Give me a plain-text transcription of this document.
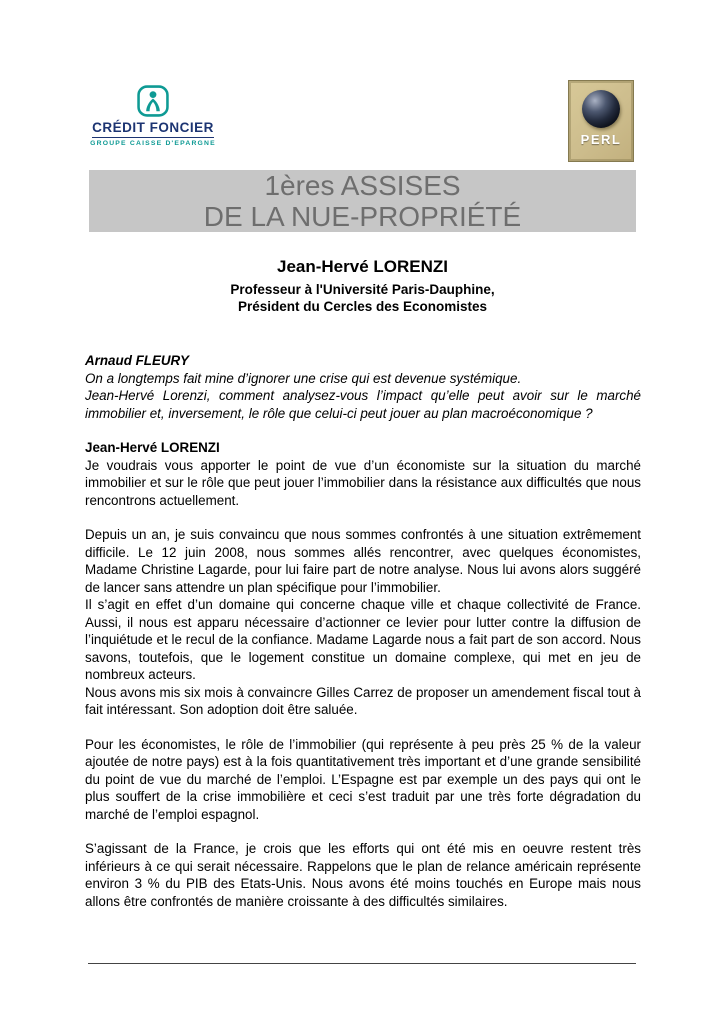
CRÉDIT FONCIER
GROUPE CAISSE D'EPARGNE	PERL
1ères ASSISES
DE LA NUE-PROPRIÉTÉ
Jean-Hervé LORENZI
Professeur à l'Université Paris-Dauphine,
Président du Cercles des Economistes

Arnaud FLEURY

On a longtemps fait mine d’ignorer une crise qui est devenue systémique.

Jean-Hervé Lorenzi, comment analysez-vous l’impact qu’elle peut avoir sur le marché immobilier et, inversement, le rôle que celui-ci peut jouer au plan macroéconomique ?

Jean-Hervé LORENZI

Je voudrais vous apporter le point de vue d’un économiste sur la situation du marché immobilier et sur le rôle que peut jouer l’immobilier dans la résistance aux difficultés que nous rencontrons actuellement.

Depuis un an, je suis convaincu que nous sommes confrontés à une situation extrêmement difficile. Le 12 juin 2008, nous sommes allés rencontrer, avec quelques économistes, Madame Christine Lagarde, pour lui faire part de notre analyse. Nous lui avons alors suggéré de lancer sans attendre un plan spécifique pour l’immobilier.

Il s’agit en effet d’un domaine qui concerne chaque ville et chaque collectivité de France. Aussi, il nous est apparu nécessaire d’actionner ce levier pour lutter contre la diffusion de l’inquiétude et le recul de la confiance. Madame Lagarde nous a fait part de son accord. Nous savons, toutefois, que le logement constitue un domaine complexe, qui met en jeu de nombreux acteurs.

Nous avons mis six mois à convaincre Gilles Carrez de proposer un amendement fiscal tout à fait intéressant. Son adoption doit être saluée.

Pour les économistes, le rôle de l’immobilier (qui représente à peu près 25 % de la valeur ajoutée de notre pays) est à la fois quantitativement très important et d’une grande sensibilité du point de vue du marché de l’emploi. L’Espagne est par exemple un des pays qui ont le plus souffert de la crise immobilière et ceci s’est traduit par une très forte dégradation du marché de l’emploi espagnol.

S’agissant de la France, je crois que les efforts qui ont été mis en oeuvre restent très inférieurs à ce qui serait nécessaire. Rappelons que le plan de relance américain représente environ 3 % du PIB des Etats-Unis. Nous avons été moins touchés en Europe mais nous allons être confrontés de manière croissante à des difficultés similaires.
